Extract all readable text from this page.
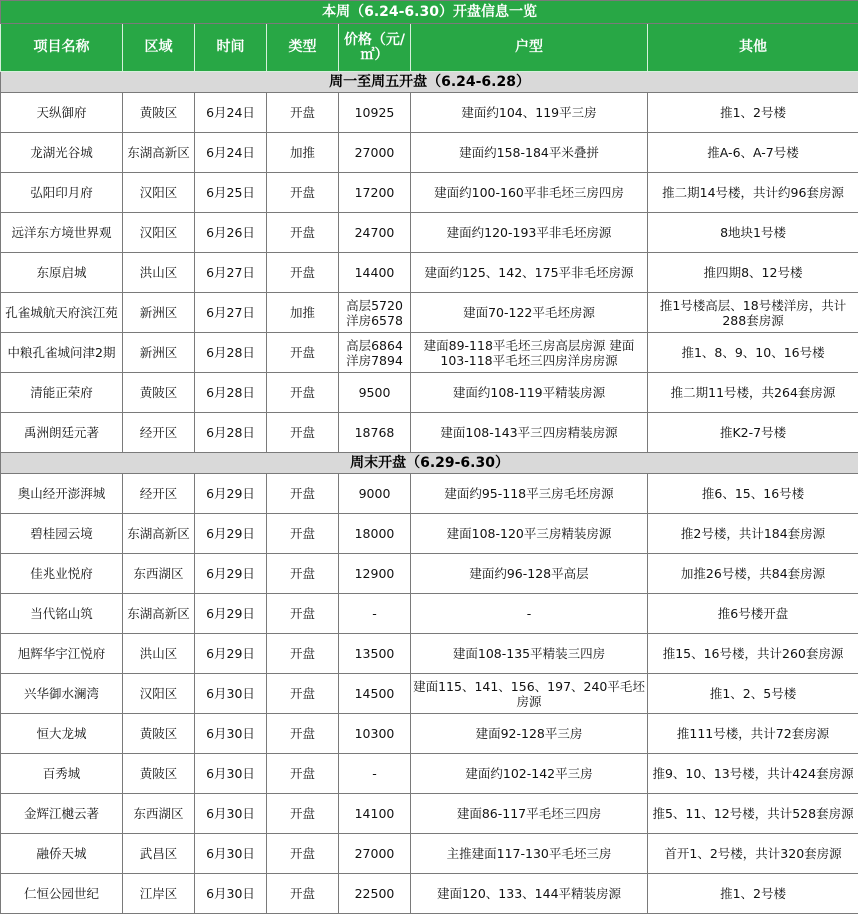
本周（6.24-6.30）开盘信息一览						
项目名称	区域	时间	类型	价格（元/㎡）	户型	其他
周一至周五开盘（6.24-6.28）						
天纵御府	黄陂区	6月24日	开盘	10925	建面约104、119平三房	推1、2号楼
龙湖光谷城	东湖高新区	6月24日	加推	27000	建面约158-184平米叠拼	推A-6、A-7号楼
弘阳印月府	汉阳区	6月25日	开盘	17200	建面约100-160平非毛坯三房四房	推二期14号楼，共计约96套房源
远洋东方境世界观	汉阳区	6月26日	开盘	24700	建面约120-193平非毛坯房源	8地块1号楼
东原启城	洪山区	6月27日	开盘	14400	建面约125、142、175平非毛坯房源	推四期8、12号楼
孔雀城航天府滨江苑	新洲区	6月27日	加推	高层5720 洋房6578	建面70-122平毛坯房源	推1号楼高层、18号楼洋房，共计288套房源
中粮孔雀城问津2期	新洲区	6月28日	开盘	高层6864 洋房7894	建面89-118平毛坯三房高层房源 建面103-118平毛坯三四房洋房房源	推1、8、9、10、16号楼
清能正荣府	黄陂区	6月28日	开盘	9500	建面约108-119平精装房源	推二期11号楼，共264套房源
禹洲朗廷元著	经开区	6月28日	开盘	18768	建面108-143平三四房精装房源	推K2-7号楼
周末开盘（6.29-6.30）						
奥山经开澎湃城	经开区	6月29日	开盘	9000	建面约95-118平三房毛坯房源	推6、15、16号楼
碧桂园云境	东湖高新区	6月29日	开盘	18000	建面108-120平三房精装房源	推2号楼，共计184套房源
佳兆业悦府	东西湖区	6月29日	开盘	12900	建面约96-128平高层	加推26号楼，共84套房源
当代铭山筑	东湖高新区	6月29日	开盘	-	-	推6号楼开盘
旭辉华宇江悦府	洪山区	6月29日	开盘	13500	建面108-135平精装三四房	推15、16号楼，共计260套房源
兴华御水澜湾	汉阳区	6月30日	开盘	14500	建面115、141、156、197、240平毛坯房源	推1、2、5号楼
恒大龙城	黄陂区	6月30日	开盘	10300	建面92-128平三房	推111号楼，共计72套房源
百秀城	黄陂区	6月30日	开盘	-	建面约102-142平三房	推9、10、13号楼，共计424套房源
金辉江樾云著	东西湖区	6月30日	开盘	14100	建面86-117平毛坯三四房	推5、11、12号楼，共计528套房源
融侨天城	武昌区	6月30日	开盘	27000	主推建面117-130平毛坯三房	首开1、2号楼，共计320套房源
仁恒公园世纪	江岸区	6月30日	开盘	22500	建面120、133、144平精装房源	推1、2号楼
